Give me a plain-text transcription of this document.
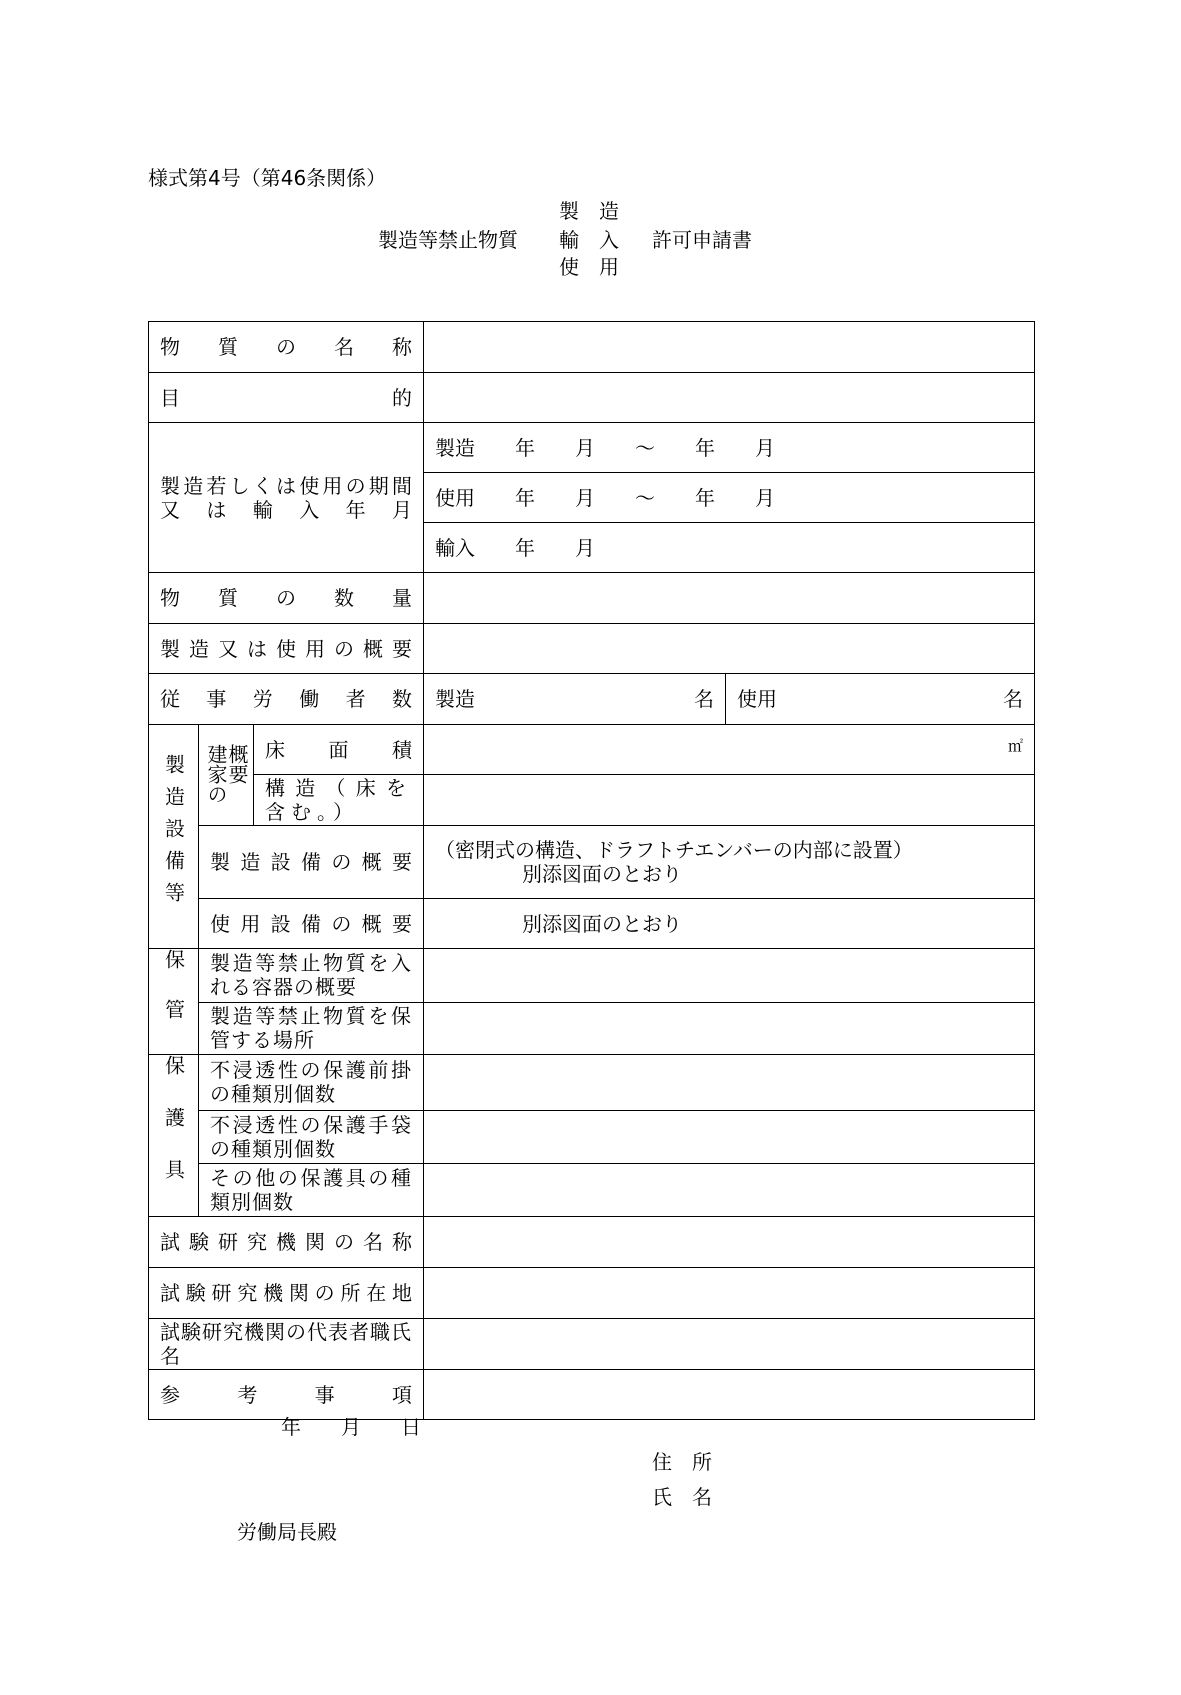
様式第4号（第46条関係）
製造等禁止物質
製　造
輸　入
使　用
許可申請書
物質の名称				

目 的				

製造若しくは使用の期間
又は輸入年月			製造　　年　　月　　～　　年　　月	
			使用　　年　　月　　～　　年　　月	
			輸入　　年　　月	

物質の数量				

製造又は使用の概要				

従事労働者数			製造 名	使用 名

製造設備等	建家の概要	床面積	㎡	
		構造（床を含む。）		

	製造設備の概要		（密閉式の構造、ドラフトチエンバーの内部に設置）
別添図面のとおり	

	使用設備の概要		別添図面のとおり	

保管	製造等禁止物質を入れる容器の概要			
	製造等禁止物質を保管する場所			
保護具	不浸透性の保護前掛の種類別個数			
	不浸透性の保護手袋の種類別個数			
	その他の保護具の種類別個数			

試験研究機関の名称				

試験研究機関の所在地				

試験研究機関の代表者職氏名				

参考事項				

年　　月　　日
住　所
氏　名
労働局長殿
